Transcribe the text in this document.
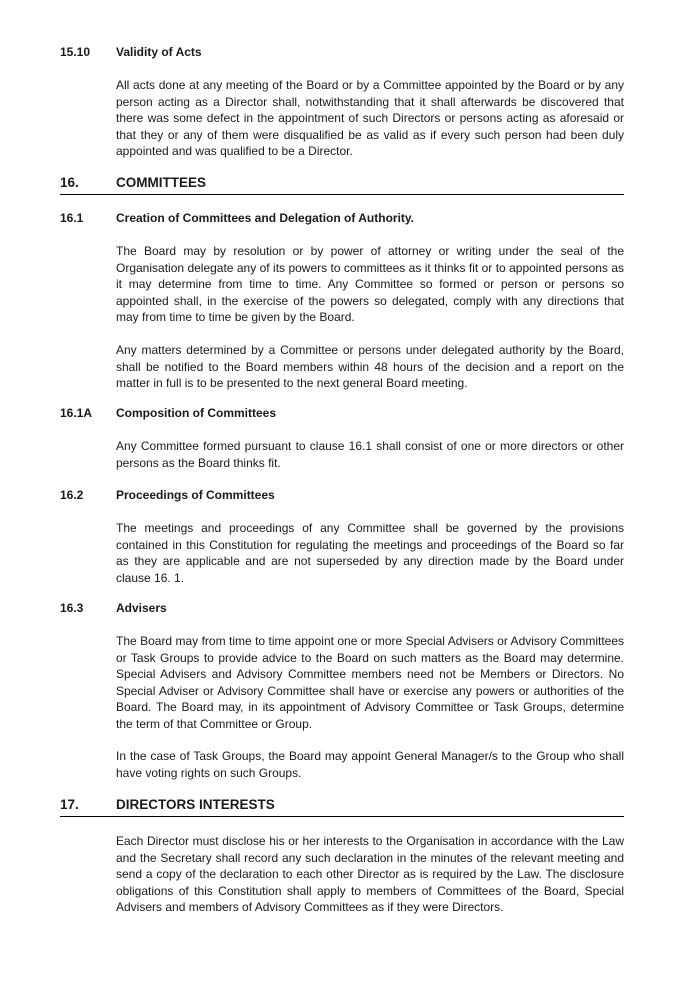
15.10 Validity of Acts

All acts done at any meeting of the Board or by a Committee appointed by the Board or by any person acting as a Director shall, notwithstanding that it shall afterwards be discovered that there was some defect in the appointment of such Directors or persons acting as aforesaid or that they or any of them were disqualified be as valid as if every such person had been duly appointed and was qualified to be a Director.

16.	COMMITTEES
16.1	Creation of Committees and Delegation of Authority.

The Board may by resolution or by power of attorney or writing under the seal of the Organisation delegate any of its powers to committees as it thinks fit or to appointed persons as it may determine from time to time. Any Committee so formed or person or persons so appointed shall, in the exercise of the powers so delegated, comply with any directions that may from time to time be given by the Board.

Any matters determined by a Committee or persons under delegated authority by the Board, shall be notified to the Board members within 48 hours of the decision and a report on the matter in full is to be presented to the next general Board meeting.

16.1A Composition of Committees

Any Committee formed pursuant to clause 16.1 shall consist of one or more directors or other persons as the Board thinks fit.

16.2	Proceedings of Committees

The meetings and proceedings of any Committee shall be governed by the provisions contained in this Constitution for regulating the meetings and proceedings of the Board so far as they are applicable and are not superseded by any direction made by the Board under clause 16. 1.

16.3	Advisers

The Board may from time to time appoint one or more Special Advisers or Advisory Committees or Task Groups to provide advice to the Board on such matters as the Board may determine. Special Advisers and Advisory Committee members need not be Members or Directors. No Special Adviser or Advisory Committee shall have or exercise any powers or authorities of the Board. The Board may, in its appointment of Advisory Committee or Task Groups, determine the term of that Committee or Group.

In the case of Task Groups, the Board may appoint General Manager/s to the Group who shall have voting rights on such Groups.

17.	DIRECTORS INTERESTS

Each Director must disclose his or her interests to the Organisation in accordance with the Law and the Secretary shall record any such declaration in the minutes of the relevant meeting and send a copy of the declaration to each other Director as is required by the Law. The disclosure obligations of this Constitution shall apply to members of Committees of the Board, Special Advisers and members of Advisory Committees as if they were Directors.
